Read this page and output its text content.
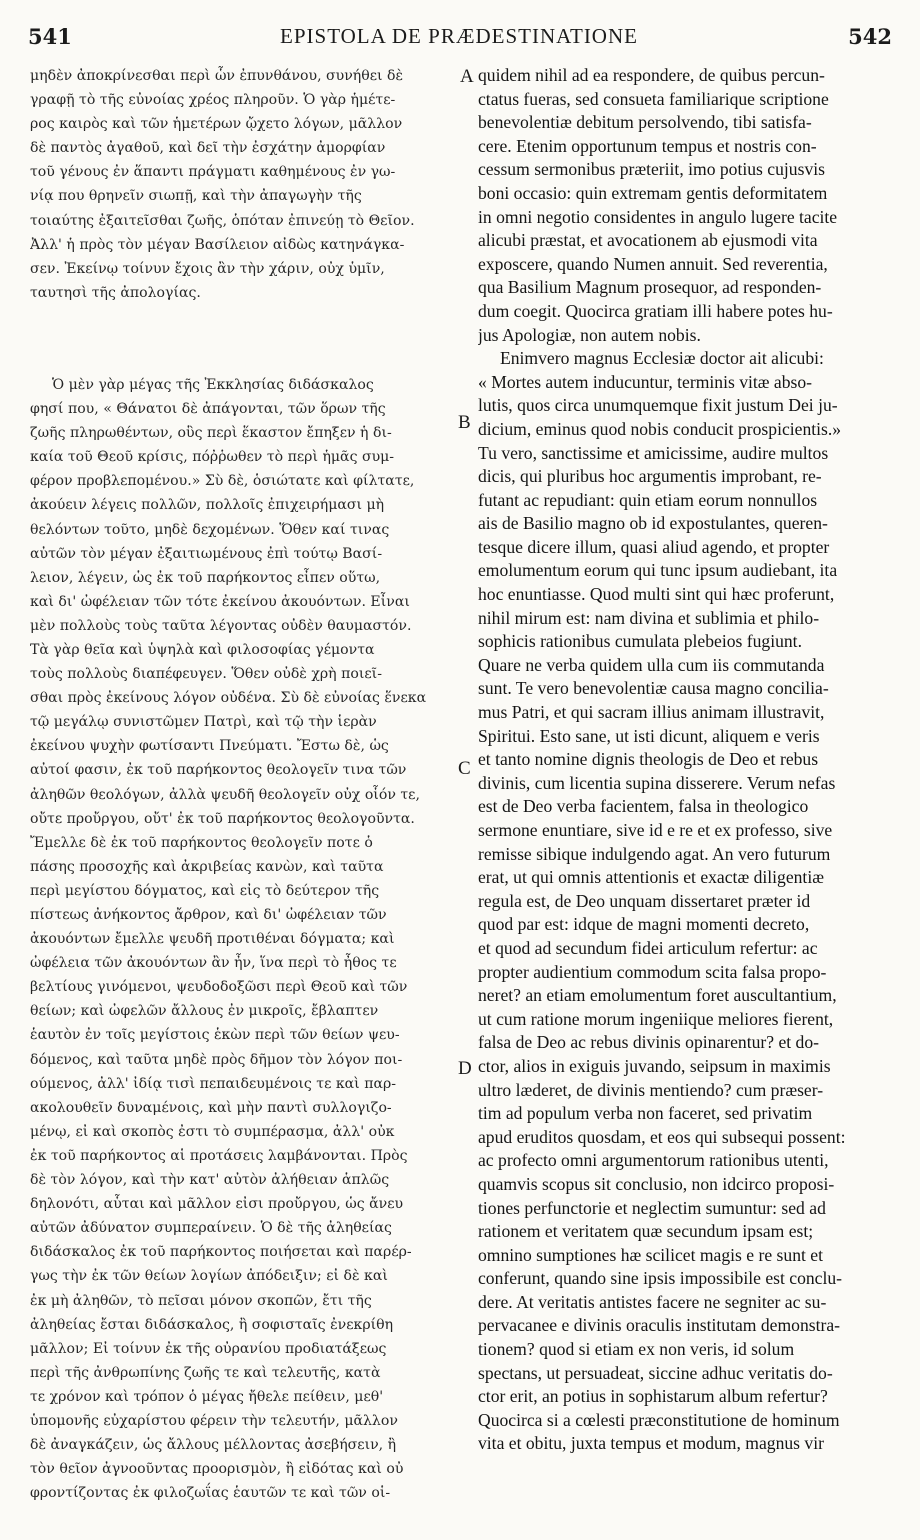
541	EPISTOLA DE PRÆDESTINATIONE	542
μηδὲν ἀποκρίνεσθαι περὶ ὧν ἐπυνθάνου, συνήθει δὲ
γραφῇ τὸ τῆς εὐνοίας χρέος πληροῦν. Ὁ γὰρ ἡμέτε-
ρος καιρὸς καὶ τῶν ἡμετέρων ᾤχετο λόγων, μᾶλλον
δὲ παντὸς ἀγαθοῦ, καὶ δεῖ τὴν ἐσχάτην ἀμορφίαν
τοῦ γένους ἐν ἅπαντι πράγματι καθημένους ἐν γω-
νίᾳ που θρηνεῖν σιωπῇ, καὶ τὴν ἀπαγωγὴν τῆς
τοιαύτης ἐξαιτεῖσθαι ζωῆς, ὁπόταν ἐπινεύῃ τὸ Θεῖον.
Ἀλλ' ἡ πρὸς τὸν μέγαν Βασίλειον αἰδὼς κατηνάγκα-
σεν. Ἐκείνῳ τοίνυν ἔχοις ἂν τὴν χάριν, οὐχ ὑμῖν,
ταυτησὶ τῆς ἀπολογίας.
Ὁ μὲν γὰρ μέγας τῆς Ἐκκλησίας διδάσκαλος
φησί που, « Θάνατοι δὲ ἀπάγονται, τῶν ὅρων τῆς
ζωῆς πληρωθέντων, οὓς περὶ ἕκαστον ἔπηξεν ἡ δι-
καία τοῦ Θεοῦ κρίσις, πόῤῥωθεν τὸ περὶ ἡμᾶς συμ-
φέρον προβλεπομένου.» Σὺ δὲ, ὁσιώτατε καὶ φίλτατε,
ἀκούειν λέγεις πολλῶν, πολλοῖς ἐπιχειρήμασι μὴ
θελόντων τοῦτο, μηδὲ δεχομένων. Ὅθεν καί τινας
αὐτῶν τὸν μέγαν ἐξαιτιωμένους ἐπὶ τούτῳ Βασί-
λειον, λέγειν, ὡς ἐκ τοῦ παρήκοντος εἶπεν οὕτω,
καὶ δι' ὠφέλειαν τῶν τότε ἐκείνου ἀκουόντων. Εἶναι
μὲν πολλοὺς τοὺς ταῦτα λέγοντας οὐδὲν θαυμαστόν.
Τὰ γὰρ θεῖα καὶ ὑψηλὰ καὶ φιλοσοφίας γέμοντα
τοὺς πολλοὺς διαπέφευγεν. Ὅθεν οὐδὲ χρὴ ποιεῖ-
σθαι πρὸς ἐκείνους λόγον οὐδένα. Σὺ δὲ εὐνοίας ἕνεκα
τῷ μεγάλῳ συνιστῶμεν Πατρὶ, καὶ τῷ τὴν ἱερὰν
ἐκείνου ψυχὴν φωτίσαντι Πνεύματι. Ἔστω δὲ, ὡς
αὐτοί φασιν, ἐκ τοῦ παρήκοντος θεολογεῖν τινα τῶν
ἀληθῶν θεολόγων, ἀλλὰ ψευδῆ θεολογεῖν οὐχ οἷόν τε,
οὔτε προὔργου, οὔτ' ἐκ τοῦ παρήκοντος θεολογοῦντα.
Ἔμελλε δὲ ἐκ τοῦ παρήκοντος θεολογεῖν ποτε ὁ
πάσης προσοχῆς καὶ ἀκριβείας κανὼν, καὶ ταῦτα
περὶ μεγίστου δόγματος, καὶ εἰς τὸ δεύτερον τῆς
πίστεως ἀνήκοντος ἄρθρον, καὶ δι' ὠφέλειαν τῶν
ἀκουόντων ἔμελλε ψευδῆ προτιθέναι δόγματα; καὶ
ὠφέλεια τῶν ἀκουόντων ἂν ἦν, ἵνα περὶ τὸ ἦθος τε
βελτίους γινόμενοι, ψευδοδοξῶσι περὶ Θεοῦ καὶ τῶν
θείων; καὶ ὠφελῶν ἄλλους ἐν μικροῖς, ἔβλαπτεν
ἑαυτὸν ἐν τοῖς μεγίστοις ἑκὼν περὶ τῶν θείων ψευ-
δόμενος, καὶ ταῦτα μηδὲ πρὸς δῆμον τὸν λόγον ποι-
ούμενος, ἀλλ' ἰδίᾳ τισὶ πεπαιδευμένοις τε καὶ παρ-
ακολουθεῖν δυναμένοις, καὶ μὴν παντὶ συλλογιζο-
μένῳ, εἰ καὶ σκοπὸς ἐστι τὸ συμπέρασμα, ἀλλ' οὐκ
ἐκ τοῦ παρήκοντος αἱ προτάσεις λαμβάνονται. Πρὸς
δὲ τὸν λόγον, καὶ τὴν κατ' αὐτὸν ἀλήθειαν ἁπλῶς
δηλονότι, αὗται καὶ μᾶλλον εἰσι προὔργου, ὡς ἄνευ
αὐτῶν ἀδύνατον συμπεραίνειν. Ὁ δὲ τῆς ἀληθείας
διδάσκαλος ἐκ τοῦ παρήκοντος ποιήσεται καὶ παρέρ-
γως τὴν ἐκ τῶν θείων λογίων ἀπόδειξιν; εἰ δὲ καὶ
ἐκ μὴ ἀληθῶν, τὸ πεῖσαι μόνον σκοπῶν, ἔτι τῆς
ἀληθείας ἔσται διδάσκαλος, ἢ σοφισταῖς ἐνεκρίθη
μᾶλλον; Εἰ τοίνυν ἐκ τῆς οὐρανίου προδιατάξεως
περὶ τῆς ἀνθρωπίνης ζωῆς τε καὶ τελευτῆς, κατὰ
τε χρόνον καὶ τρόπον ὁ μέγας ἤθελε πείθειν, μεθ'
ὑπομονῆς εὐχαρίστου φέρειν τὴν τελευτήν, μᾶλλον
δὲ ἀναγκάζειν, ὡς ἄλλους μέλλοντας ἀσεβήσειν, ἢ
τὸν θεῖον ἀγνοοῦντας προορισμὸν, ἢ εἰδότας καὶ οὐ
φροντίζοντας ἐκ φιλοζωΐας ἑαυτῶν τε καὶ τῶν οἱ-
quidem nihil ad ea respondere, de quibus percun-
ctatus fueras, sed consueta familiarique scriptione
benevolentiæ debitum persolvendo, tibi satisfa-
cere. Etenim opportunum tempus et nostris con-
cessum sermonibus præteriit, imo potius cujusvis
boni occasio: quin extremam gentis deformitatem
in omni negotio considentes in angulo lugere tacite
alicubi præstat, et avocationem ab ejusmodi vita
exposcere, quando Numen annuit. Sed reverentia,
qua Basilium Magnum prosequor, ad responden-
dum coegit. Quocirca gratiam illi habere potes hu-
jus Apologiæ, non autem nobis.
Enimvero magnus Ecclesiæ doctor ait alicubi:
« Mortes autem inducuntur, terminis vitæ abso-
lutis, quos circa unumquemque fixit justum Dei ju-
dicium, eminus quod nobis conducit prospicientis.»
Tu vero, sanctissime et amicissime, audire multos
dicis, qui pluribus hoc argumentis improbant, re-
futant ac repudiant: quin etiam eorum nonnullos
ais de Basilio magno ob id expostulantes, queren-
tesque dicere illum, quasi aliud agendo, et propter
emolumentum eorum qui tunc ipsum audiebant, ita
hoc enuntiasse. Quod multi sint qui hæc proferunt,
nihil mirum est: nam divina et sublimia et philo-
sophicis rationibus cumulata plebeios fugiunt.
Quare ne verba quidem ulla cum iis commutanda
sunt. Te vero benevolentiæ causa magno concilia-
mus Patri, et qui sacram illius animam illustravit,
Spiritui. Esto sane, ut isti dicunt, aliquem e veris
et tanto nomine dignis theologis de Deo et rebus
divinis, cum licentia supina disserere. Verum nefas
est de Deo verba facientem, falsa in theologico
sermone enuntiare, sive id e re et ex professo, sive
remisse sibique indulgendo agat. An vero futurum
erat, ut qui omnis attentionis et exactæ diligentiæ
regula est, de Deo unquam dissertaret præter id
quod par est: idque de magni momenti decreto,
et quod ad secundum fidei articulum refertur: ac
propter audientium commodum scita falsa propo-
neret? an etiam emolumentum foret auscultantium,
ut cum ratione morum ingeniique meliores fierent,
falsa de Deo ac rebus divinis opinarentur? et do-
ctor, alios in exiguis juvando, seipsum in maximis
ultro læderet, de divinis mentiendo? cum præser-
tim ad populum verba non faceret, sed privatim
apud eruditos quosdam, et eos qui subsequi possent:
ac profecto omni argumentorum rationibus utenti,
quamvis scopus sit conclusio, non idcirco proposi-
tiones perfunctorie et neglectim sumuntur: sed ad
rationem et veritatem quæ secundum ipsam est;
omnino sumptiones hæ scilicet magis e re sunt et
conferunt, quando sine ipsis impossibile est conclu-
dere. At veritatis antistes facere ne segniter ac su-
pervacanee e divinis oraculis institutam demonstra-
tionem? quod si etiam ex non veris, id solum
spectans, ut persuadeat, siccine adhuc veritatis do-
ctor erit, an potius in sophistarum album refertur?
Quocirca si a cœlesti præconstitutione de hominum
vita et obitu, juxta tempus et modum, magnus vir
A
B
C
D
